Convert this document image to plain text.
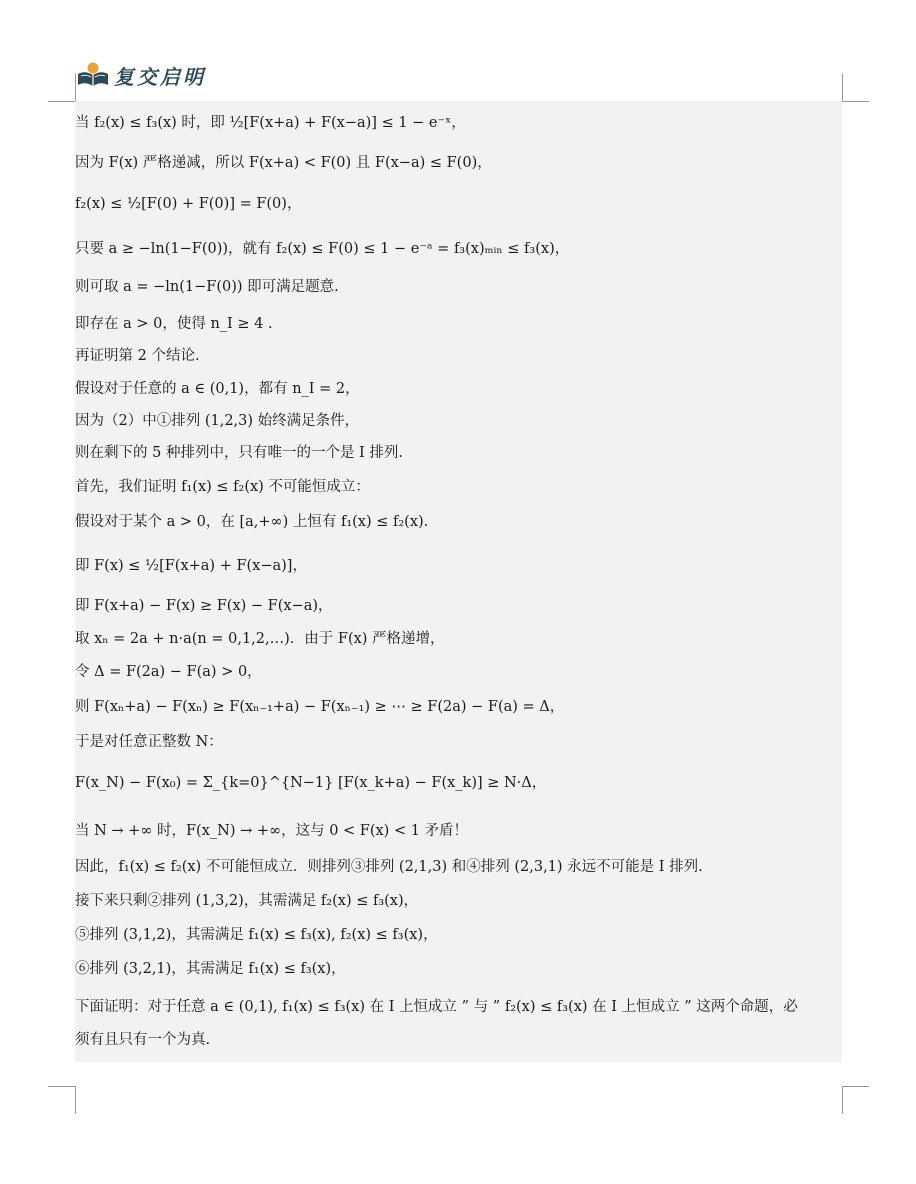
复交启明
当 f₂(x) ≤ f₃(x) 时，即 ½[F(x+a) + F(x−a)] ≤ 1 − e⁻ˣ，
因为 F(x) 严格递减，所以 F(x+a) < F(0) 且 F(x−a) ≤ F(0)，
f₂(x) ≤ ½[F(0) + F(0)] = F(0)，
只要 a ≥ −ln(1−F(0))，就有 f₂(x) ≤ F(0) ≤ 1 − e⁻ᵃ = f₃(x)ₘᵢₙ ≤ f₃(x)，
则可取 a = −ln(1−F(0)) 即可满足题意.
即存在 a > 0，使得 n_I ≥ 4 .
再证明第 2 个结论.
假设对于任意的 a ∈ (0,1)，都有 n_I = 2，
因为（2）中①排列 (1,2,3) 始终满足条件，
则在剩下的 5 种排列中，只有唯一的一个是 I 排列.
首先，我们证明 f₁(x) ≤ f₂(x) 不可能恒成立：
假设对于某个 a > 0，在 [a,+∞) 上恒有 f₁(x) ≤ f₂(x).
即 F(x) ≤ ½[F(x+a) + F(x−a)]，
即 F(x+a) − F(x) ≥ F(x) − F(x−a)，
取 xₙ = 2a + n·a(n = 0,1,2,…)．由于 F(x) 严格递增，
令 Δ = F(2a) − F(a) > 0，
则 F(xₙ+a) − F(xₙ) ≥ F(xₙ₋₁+a) − F(xₙ₋₁) ≥ ⋯ ≥ F(2a) − F(a) = Δ，
于是对任意正整数 N：
F(x_N) − F(x₀) = Σ_{k=0}^{N−1} [F(x_k+a) − F(x_k)] ≥ N·Δ，
当 N → +∞ 时，F(x_N) → +∞，这与 0 < F(x) < 1 矛盾！
因此，f₁(x) ≤ f₂(x) 不可能恒成立．则排列③排列 (2,1,3) 和④排列 (2,3,1) 永远不可能是 I 排列.
接下来只剩②排列 (1,3,2)，其需满足 f₂(x) ≤ f₃(x)，
⑤排列 (3,1,2)，其需满足 f₁(x) ≤ f₃(x), f₂(x) ≤ f₃(x)，
⑥排列 (3,2,1)，其需满足 f₁(x) ≤ f₃(x)，
下面证明：对于任意 a ∈ (0,1), f₁(x) ≤ f₃(x) 在 I 上恒成立 ” 与 ” f₂(x) ≤ f₃(x) 在 I 上恒成立 ” 这两个命题，必
须有且只有一个为真.
